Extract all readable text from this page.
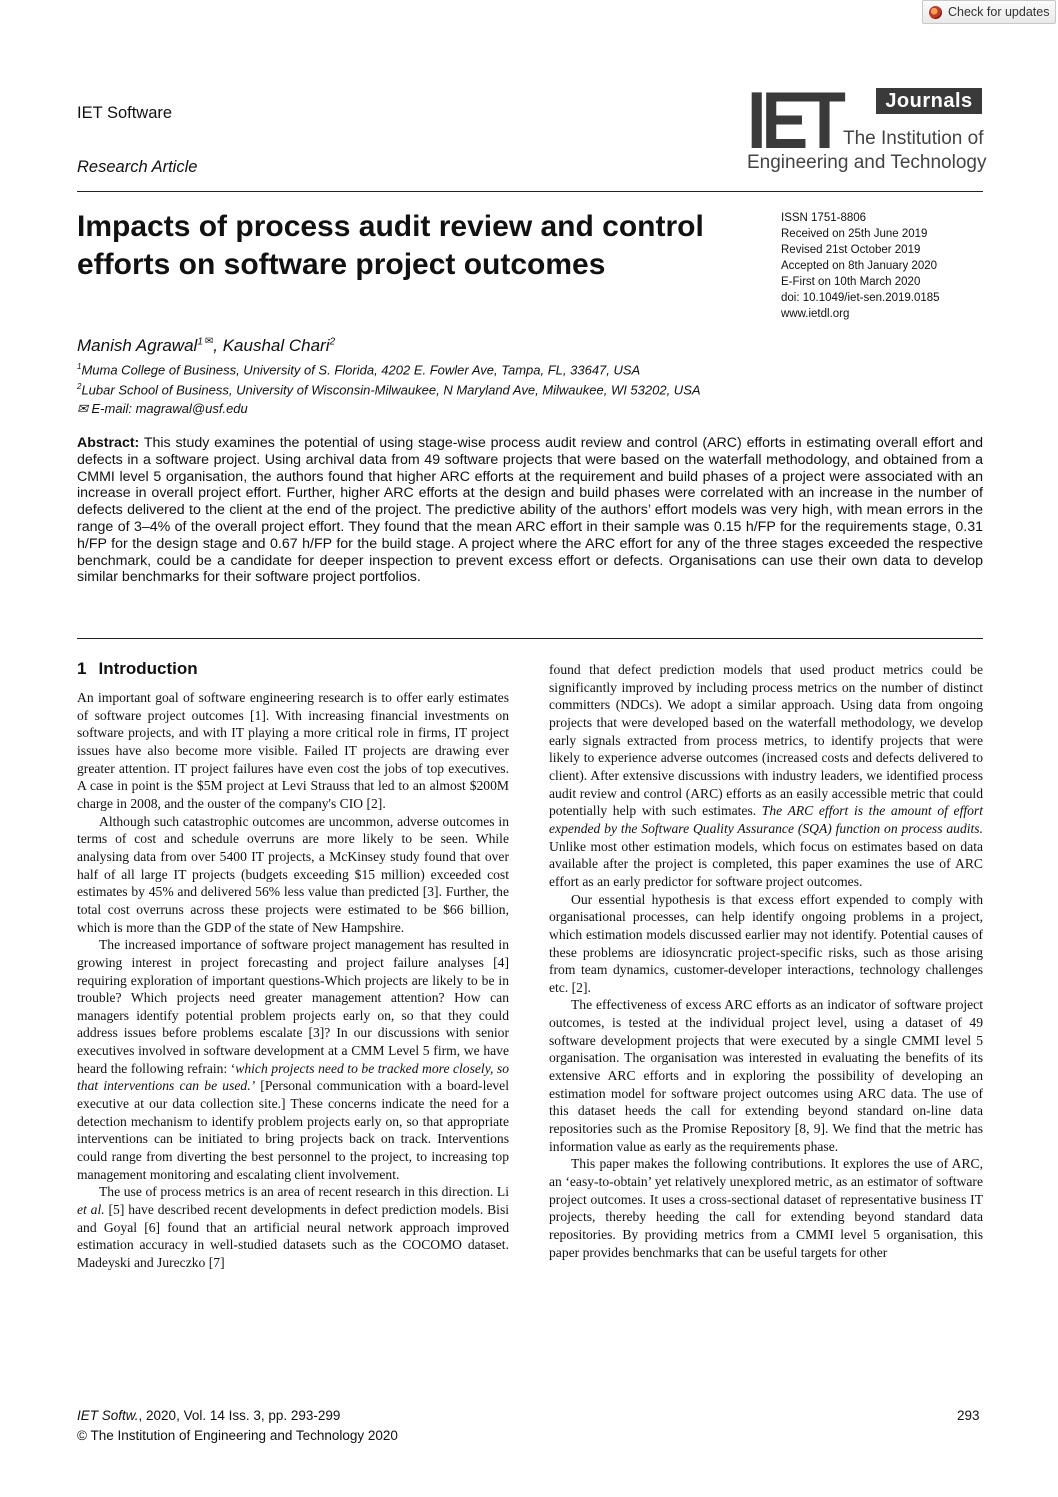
Check for updates
IET Software
Research Article
IET	Journals
The Institution of
Engineering and Technology
Impacts of process audit review and control efforts on software project outcomes
ISSN 1751-8806
Received on 25th June 2019
Revised 21st October 2019
Accepted on 8th January 2020
E-First on 10th March 2020
doi: 10.1049/iet-sen.2019.0185
www.ietdl.org
Manish Agrawal$^1$ ✉, Kaushal Chari$^2$
$^1$Muma College of Business, University of S. Florida, 4202 E. Fowler Ave, Tampa, FL, 33647, USA
$^2$Lubar School of Business, University of Wisconsin-Milwaukee, N Maryland Ave, Milwaukee, WI 53202, USA
✉ E-mail: magrawal@usf.edu

Abstract: This study examines the potential of using stage-wise process audit review and control (ARC) efforts in estimating overall effort and defects in a software project. Using archival data from 49 software projects that were based on the waterfall methodology, and obtained from a CMMI level 5 organisation, the authors found that higher ARC efforts at the requirement and build phases of a project were associated with an increase in overall project effort. Further, higher ARC efforts at the design and build phases were correlated with an increase in the number of defects delivered to the client at the end of the project. The predictive ability of the authors’ effort models was very high, with mean errors in the range of 3–4% of the overall project effort. They found that the mean ARC effort in their sample was 0.15 h/FP for the requirements stage, 0.31 h/FP for the design stage and 0.67 h/FP for the build stage. A project where the ARC effort for any of the three stages exceeded the respective benchmark, could be a candidate for deeper inspection to prevent excess effort or defects. Organisations can use their own data to develop similar benchmarks for their software project portfolios.

1 Introduction

An important goal of software engineering research is to offer early estimates of software project outcomes [1]. With increasing financial investments on software projects, and with IT playing a more critical role in firms, IT project issues have also become more visible. Failed IT projects are drawing ever greater attention. IT project failures have even cost the jobs of top executives. A case in point is the $5M project at Levi Strauss that led to an almost $200M charge in 2008, and the ouster of the company's CIO [2].

Although such catastrophic outcomes are uncommon, adverse outcomes in terms of cost and schedule overruns are more likely to be seen. While analysing data from over 5400 IT projects, a McKinsey study found that over half of all large IT projects (budgets exceeding $15 million) exceeded cost estimates by 45% and delivered 56% less value than predicted [3]. Further, the total cost overruns across these projects were estimated to be $66 billion, which is more than the GDP of the state of New Hampshire.

The increased importance of software project management has resulted in growing interest in project forecasting and project failure analyses [4] requiring exploration of important questions-Which projects are likely to be in trouble? Which projects need greater management attention? How can managers identify potential problem projects early on, so that they could address issues before problems escalate [3]? In our discussions with senior executives involved in software development at a CMM Level 5 firm, we have heard the following refrain: ‘which projects need to be tracked more closely, so that interventions can be used.’ [Personal communication with a board-level executive at our data collection site.] These concerns indicate the need for a detection mechanism to identify problem projects early on, so that appropriate interventions can be initiated to bring projects back on track. Interventions could range from diverting the best personnel to the project, to increasing top management monitoring and escalating client involvement.

The use of process metrics is an area of recent research in this direction. Li et al. [5] have described recent developments in defect prediction models. Bisi and Goyal [6] found that an artificial neural network approach improved estimation accuracy in well-studied datasets such as the COCOMO dataset. Madeyski and Jureczko [7]

found that defect prediction models that used product metrics could be significantly improved by including process metrics on the number of distinct committers (NDCs). We adopt a similar approach. Using data from ongoing projects that were developed based on the waterfall methodology, we develop early signals extracted from process metrics, to identify projects that were likely to experience adverse outcomes (increased costs and defects delivered to client). After extensive discussions with industry leaders, we identified process audit review and control (ARC) efforts as an easily accessible metric that could potentially help with such estimates. The ARC effort is the amount of effort expended by the Software Quality Assurance (SQA) function on process audits. Unlike most other estimation models, which focus on estimates based on data available after the project is completed, this paper examines the use of ARC effort as an early predictor for software project outcomes.

Our essential hypothesis is that excess effort expended to comply with organisational processes, can help identify ongoing problems in a project, which estimation models discussed earlier may not identify. Potential causes of these problems are idiosyncratic project-specific risks, such as those arising from team dynamics, customer-developer interactions, technology challenges etc. [2].

The effectiveness of excess ARC efforts as an indicator of software project outcomes, is tested at the individual project level, using a dataset of 49 software development projects that were executed by a single CMMI level 5 organisation. The organisation was interested in evaluating the benefits of its extensive ARC efforts and in exploring the possibility of developing an estimation model for software project outcomes using ARC data. The use of this dataset heeds the call for extending beyond standard on-line data repositories such as the Promise Repository [8, 9]. We find that the metric has information value as early as the requirements phase.

This paper makes the following contributions. It explores the use of ARC, an ‘easy-to-obtain’ yet relatively unexplored metric, as an estimator of software project outcomes. It uses a cross-sectional dataset of representative business IT projects, thereby heeding the call for extending beyond standard data repositories. By providing metrics from a CMMI level 5 organisation, this paper provides benchmarks that can be useful targets for other

IET Softw., 2020, Vol. 14 Iss. 3, pp. 293-299
© The Institution of Engineering and Technology 2020
293
